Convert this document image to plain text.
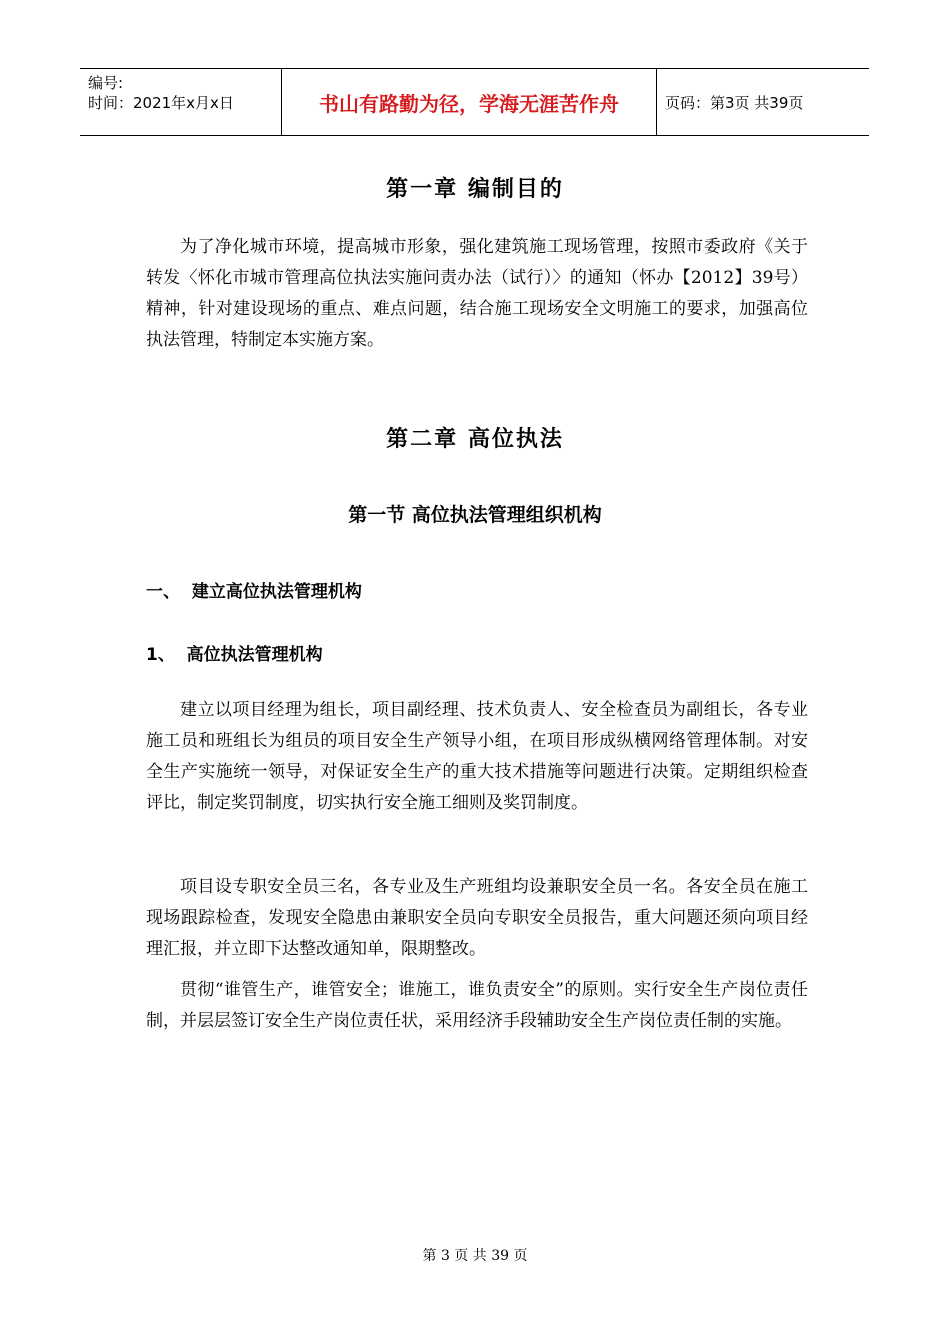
编号:
时间：2021年x月x日	书山有路勤为径，学海无涯苦作舟	页码：第3页 共39页
第一章 编制目的
为了净化城市环境，提高城市形象，强化建筑施工现场管理，按照市委政府《关于转发〈怀化市城市管理高位执法实施问责办法（试行）〉的通知（怀办【2012】39号）精神，针对建设现场的重点、难点问题，结合施工现场安全文明施工的要求，加强高位执法管理，特制定本实施方案。
第二章 高位执法
第一节 高位执法管理组织机构
一、  建立高位执法管理机构
1、  高位执法管理机构
建立以项目经理为组长，项目副经理、技术负责人、安全检查员为副组长，各专业施工员和班组长为组员的项目安全生产领导小组，在项目形成纵横网络管理体制。对安全生产实施统一领导，对保证安全生产的重大技术措施等问题进行决策。定期组织检查评比，制定奖罚制度，切实执行安全施工细则及奖罚制度。
项目设专职安全员三名，各专业及生产班组均设兼职安全员一名。各安全员在施工现场跟踪检查，发现安全隐患由兼职安全员向专职安全员报告，重大问题还须向项目经理汇报，并立即下达整改通知单，限期整改。
贯彻“谁管生产，谁管安全；谁施工，谁负责安全”的原则。实行安全生产岗位责任制，并层层签订安全生产岗位责任状，采用经济手段辅助安全生产岗位责任制的实施。
第 3 页 共 39 页
